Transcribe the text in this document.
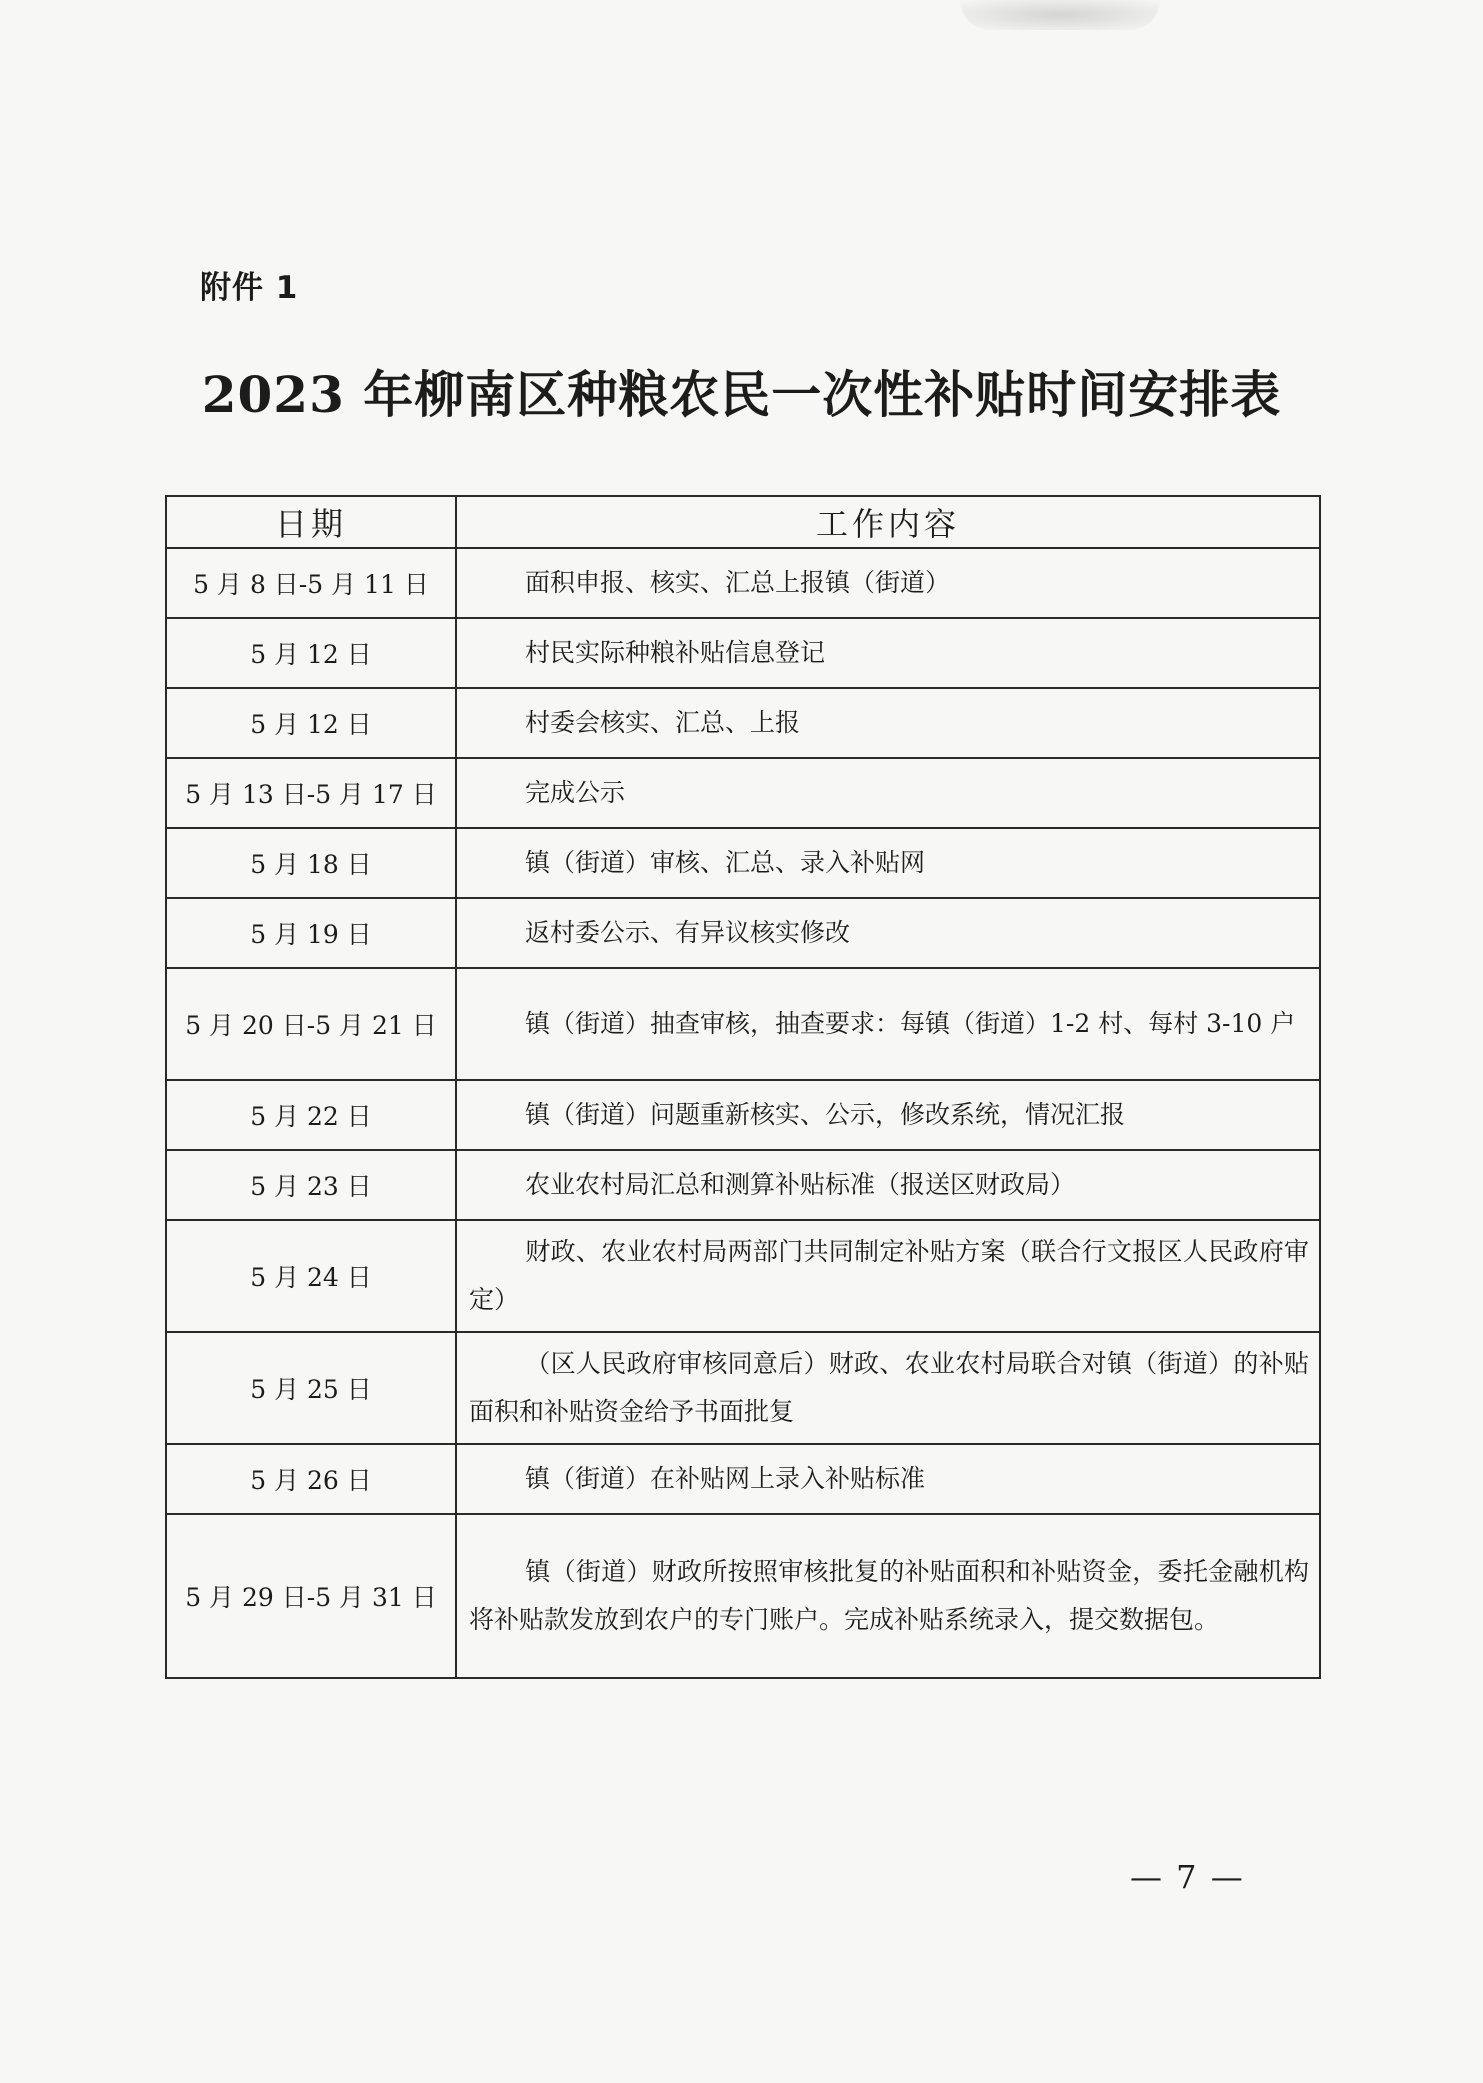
附件 1
2023 年柳南区种粮农民一次性补贴时间安排表
日期	工作内容
5 月 8 日-5 月 11 日	面积申报、核实、汇总上报镇（街道）
5 月 12 日	村民实际种粮补贴信息登记
5 月 12 日	村委会核实、汇总、上报
5 月 13 日-5 月 17 日	完成公示
5 月 18 日	镇（街道）审核、汇总、录入补贴网
5 月 19 日	返村委公示、有异议核实修改
5 月 20 日-5 月 21 日	镇（街道）抽查审核，抽查要求：每镇（街道）1-2 村、每村 3-10 户
5 月 22 日	镇（街道）问题重新核实、公示，修改系统，情况汇报
5 月 23 日	农业农村局汇总和测算补贴标准（报送区财政局）
5 月 24 日	财政、农业农村局两部门共同制定补贴方案（联合行文报区人民政府审定）
5 月 25 日	（区人民政府审核同意后）财政、农业农村局联合对镇（街道）的补贴面积和补贴资金给予书面批复
5 月 26 日	镇（街道）在补贴网上录入补贴标准
5 月 29 日-5 月 31 日	镇（街道）财政所按照审核批复的补贴面积和补贴资金，委托金融机构将补贴款发放到农户的专门账户。完成补贴系统录入，提交数据包。
— 7 —
